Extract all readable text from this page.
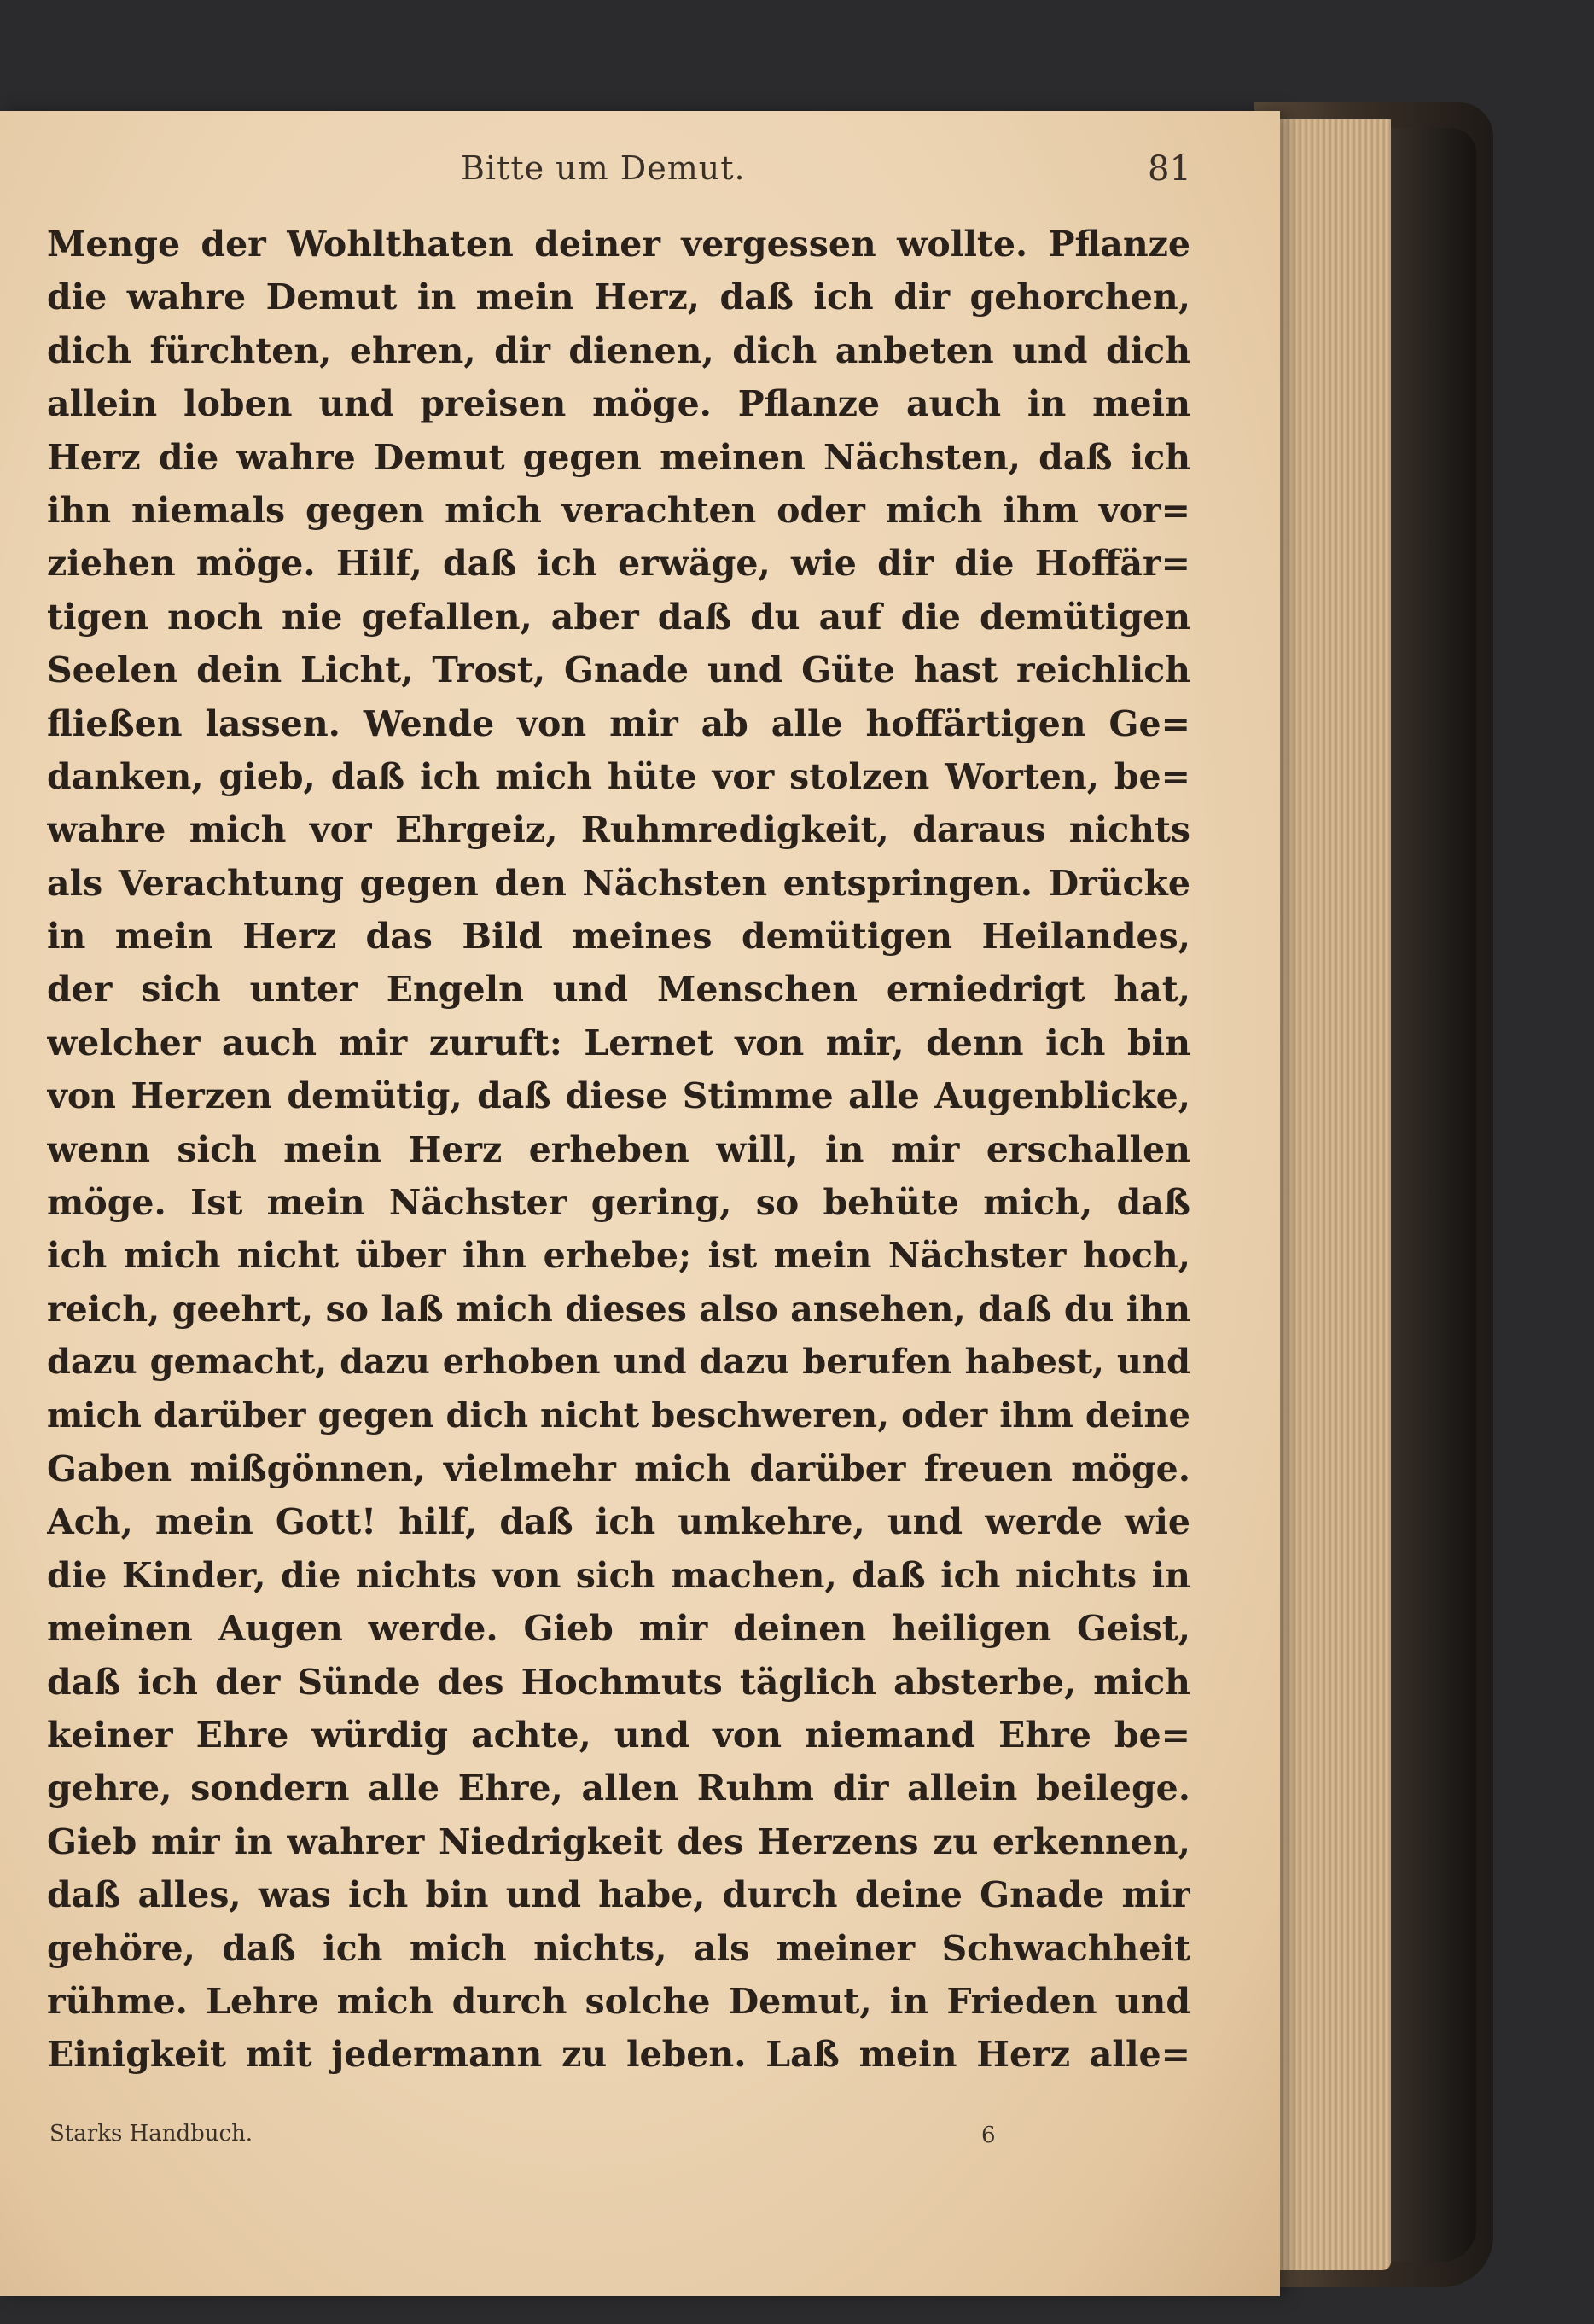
Bitte um Demut.	81
Menge der Wohlthaten deiner vergessen wollte. Pflanze
die wahre Demut in mein Herz, daß ich dir gehorchen,
dich fürchten, ehren, dir dienen, dich anbeten und dich
allein loben und preisen möge. Pflanze auch in mein
Herz die wahre Demut gegen meinen Nächsten, daß ich
ihn niemals gegen mich verachten oder mich ihm vor=
ziehen möge. Hilf, daß ich erwäge, wie dir die Hoffär=
tigen noch nie gefallen, aber daß du auf die demütigen
Seelen dein Licht, Trost, Gnade und Güte hast reichlich
fließen lassen. Wende von mir ab alle hoffärtigen Ge=
danken, gieb, daß ich mich hüte vor stolzen Worten, be=
wahre mich vor Ehrgeiz, Ruhmredigkeit, daraus nichts
als Verachtung gegen den Nächsten entspringen. Drücke
in mein Herz das Bild meines demütigen Heilandes,
der sich unter Engeln und Menschen erniedrigt hat,
welcher auch mir zuruft: Lernet von mir, denn ich bin
von Herzen demütig, daß diese Stimme alle Augenblicke,
wenn sich mein Herz erheben will, in mir erschallen
möge. Ist mein Nächster gering, so behüte mich, daß
ich mich nicht über ihn erhebe; ist mein Nächster hoch,
reich, geehrt, so laß mich dieses also ansehen, daß du ihn
dazu gemacht, dazu erhoben und dazu berufen habest, und
mich darüber gegen dich nicht beschweren, oder ihm deine
Gaben mißgönnen, vielmehr mich darüber freuen möge.
Ach, mein Gott! hilf, daß ich umkehre, und werde wie
die Kinder, die nichts von sich machen, daß ich nichts in
meinen Augen werde. Gieb mir deinen heiligen Geist,
daß ich der Sünde des Hochmuts täglich absterbe, mich
keiner Ehre würdig achte, und von niemand Ehre be=
gehre, sondern alle Ehre, allen Ruhm dir allein beilege.
Gieb mir in wahrer Niedrigkeit des Herzens zu erkennen,
daß alles, was ich bin und habe, durch deine Gnade mir
gehöre, daß ich mich nichts, als meiner Schwachheit
rühme. Lehre mich durch solche Demut, in Frieden und
Einigkeit mit jedermann zu leben. Laß mein Herz alle=
Starks Handbuch.	6
